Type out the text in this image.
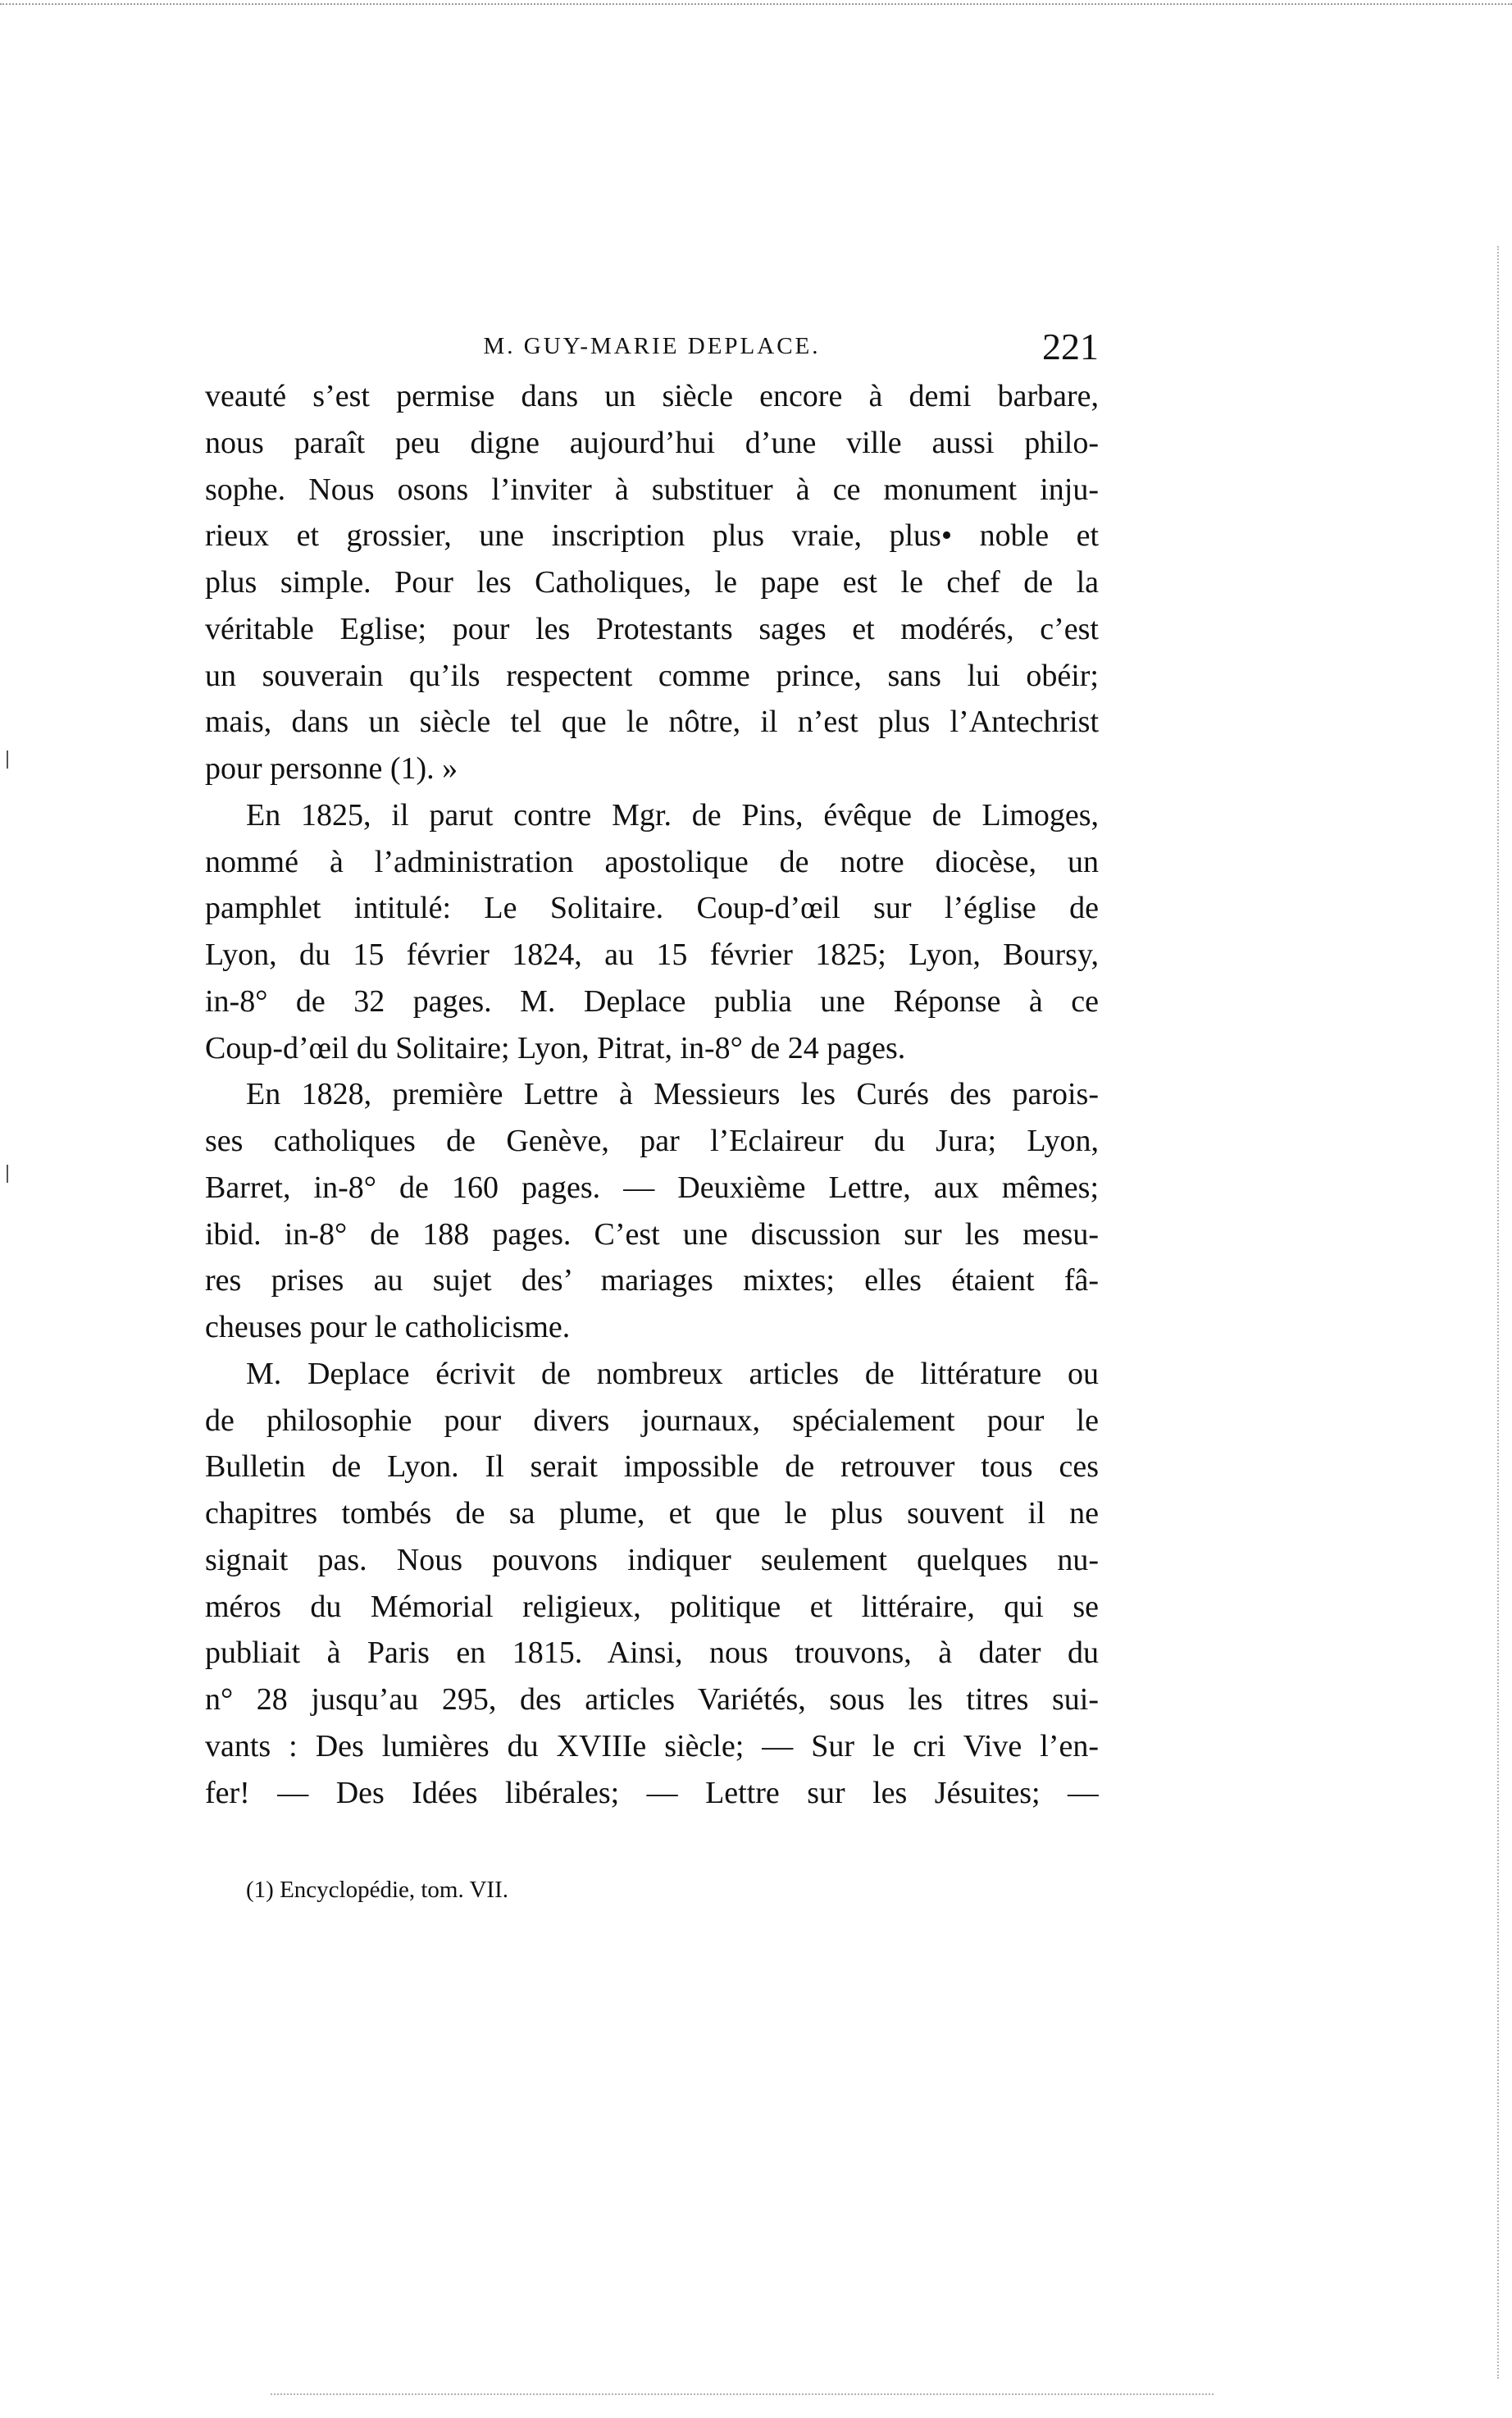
M. GUY-MARIE DEPLACE.	221
veauté s’est permise dans un siècle encore à demi barbare,
nous paraît peu digne aujourd’hui d’une ville aussi philo-
sophe. Nous osons l’inviter à substituer à ce monument inju-
rieux et grossier, une inscription plus vraie, plus• noble et
plus simple. Pour les Catholiques, le pape est le chef de la
véritable Eglise; pour les Protestants sages et modérés, c’est
un souverain qu’ils respectent comme prince, sans lui obéir;
mais, dans un siècle tel que le nôtre, il n’est plus l’Antechrist
pour personne (1). »
En 1825, il parut contre Mgr. de Pins, évêque de Limoges,
nommé à l’administration apostolique de notre diocèse, un
pamphlet intitulé: Le Solitaire. Coup-d’œil sur l’église de
Lyon, du 15 février 1824, au 15 février 1825; Lyon, Boursy,
in-8° de 32 pages. M. Deplace publia une Réponse à ce
Coup-d’œil du Solitaire; Lyon, Pitrat, in-8° de 24 pages.
En 1828, première Lettre à Messieurs les Curés des parois-
ses catholiques de Genève, par l’Eclaireur du Jura; Lyon,
Barret, in-8° de 160 pages. — Deuxième Lettre, aux mêmes;
ibid. in-8° de 188 pages. C’est une discussion sur les mesu-
res prises au sujet des’ mariages mixtes; elles étaient fâ-
cheuses pour le catholicisme.
M. Deplace écrivit de nombreux articles de littérature ou
de philosophie pour divers journaux, spécialement pour le
Bulletin de Lyon. Il serait impossible de retrouver tous ces
chapitres tombés de sa plume, et que le plus souvent il ne
signait pas. Nous pouvons indiquer seulement quelques nu-
méros du Mémorial religieux, politique et littéraire, qui se
publiait à Paris en 1815. Ainsi, nous trouvons, à dater du
n° 28 jusqu’au 295, des articles Variétés, sous les titres sui-
vants : Des lumières du XVIIIe siècle; — Sur le cri Vive l’en-
fer! — Des Idées libérales; — Lettre sur les Jésuites; —
(1) Encyclopédie, tom. VII.
